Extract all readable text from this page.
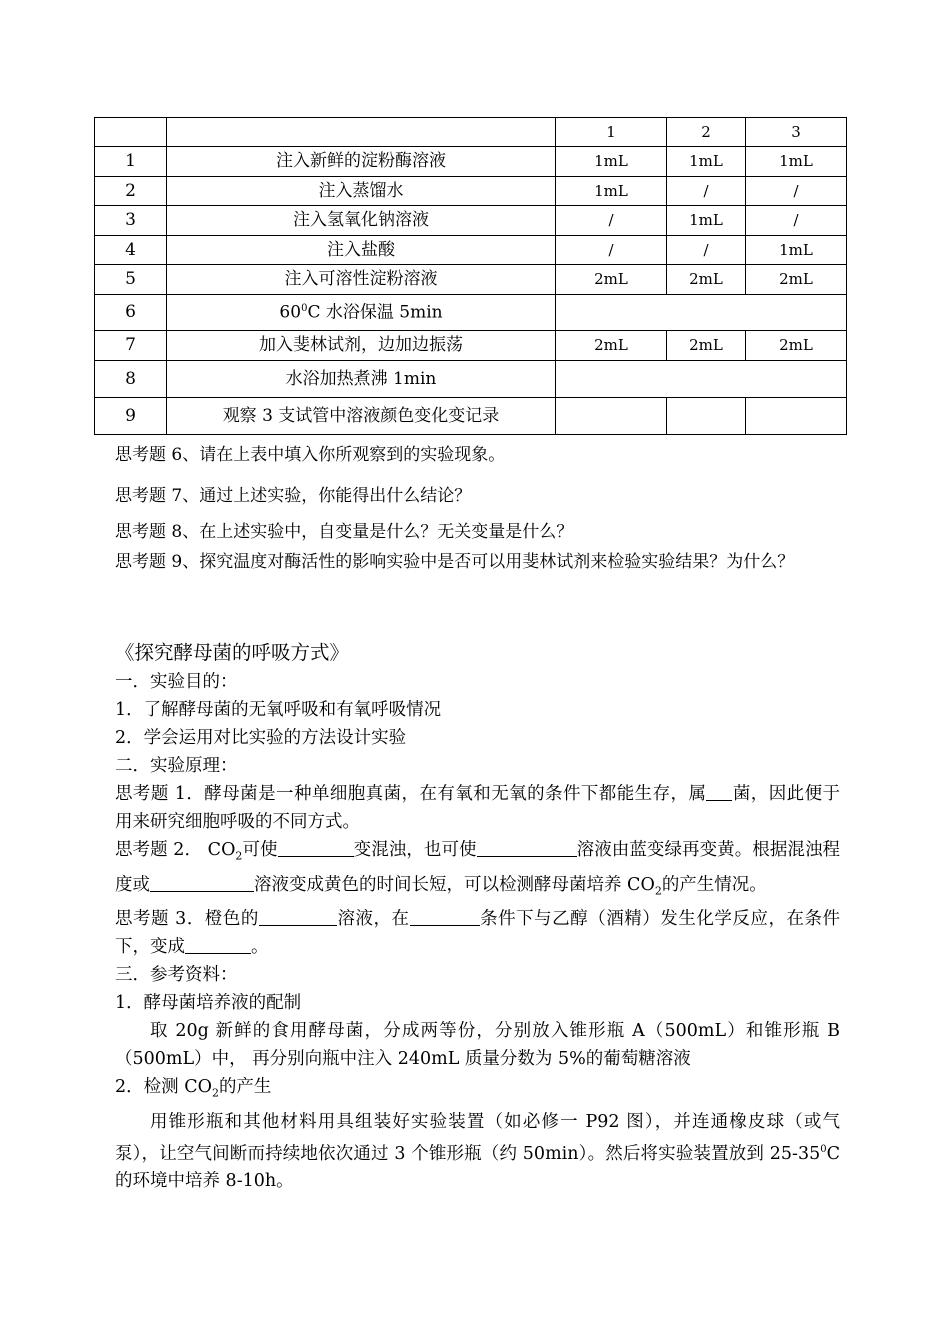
		1	2	3
1	注入新鲜的淀粉酶溶液	1mL	1mL	1mL
2	注入蒸馏水	1mL	/	/
3	注入氢氧化钠溶液	/	1mL	/
4	注入盐酸	/	/	1mL
5	注入可溶性淀粉溶液	2mL	2mL	2mL
6	$60^0C$ 水浴保温 5min			
7	加入斐林试剂，边加边振荡	2mL	2mL	2mL
8	水浴加热煮沸 1min			
9	观察 3 支试管中溶液颜色变化变记录			
思考题 6、请在上表中填入你所观察到的实验现象。
思考题 7、通过上述实验，你能得出什么结论？
思考题 8、在上述实验中，自变量是什么？无关变量是什么？
思考题 9、探究温度对酶活性的影响实验中是否可以用斐林试剂来检验实验结果？为什么？

《探究酵母菌的呼吸方式》

一．实验目的：

1．了解酵母菌的无氧呼吸和有氧呼吸情况

2．学会运用对比实验的方法设计实验

二．实验原理：

思考题 1．酵母菌是一种单细胞真菌，在有氧和无氧的条件下都能生存，属 菌，因此便于用来研究细胞呼吸的不同方式。

思考题 2． $CO_2$可使	变混浊，也可使	溶液由蓝变绿再变黄。根据混浊程度或	溶液变成黄色的时间长短，可以检测酵母菌培养 $CO_2$的产生情况。

思考题 3．橙色的	溶液，在	条件下与乙醇（酒精）发生化学反应，在条件下，变成	。

三．参考资料：

1．酵母菌培养液的配制

取 20g 新鲜的食用酵母菌，分成两等份，分别放入锥形瓶 A（500mL）和锥形瓶 B（500mL）中， 再分别向瓶中注入 240mL 质量分数为 5%的葡萄糖溶液

2．检测 $CO_2$的产生

用锥形瓶和其他材料用具组装好实验装置（如必修一 P92 图），并连通橡皮球（或气泵），让空气间断而持续地依次通过 3 个锥形瓶（约 50min）。然后将实验装置放到 $25-35^0C$ 的环境中培养 8-10h。
